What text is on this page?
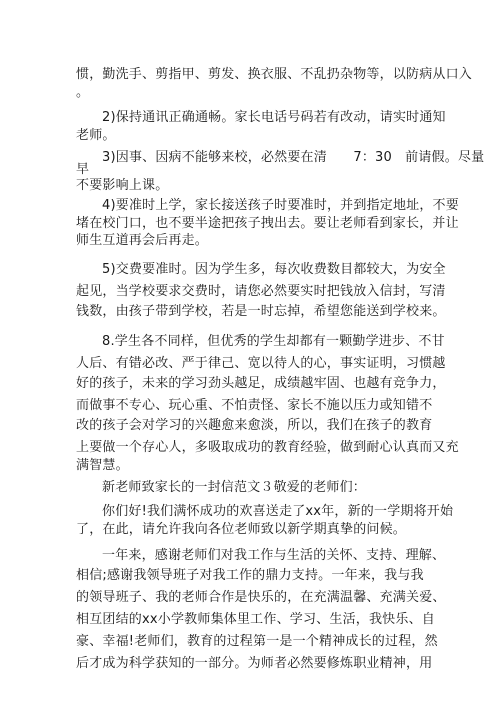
惯，勤洗手、剪指甲、剪发、换衣服、不乱扔杂物等，以防病从口入
。
2)保持通讯正确通畅。家长电话号码若有改动，请实时通知
老师。
3)因事、因病不能够来校，必然要在清　　7：30　前请假。尽量
早
不要影响上课。
4)要准时上学，家长接送孩子时要准时，并到指定地址，不要
堵在校门口，也不要半途把孩子拽出去。要让老师看到家长，并让
师生互道再会后再走。
5)交费要准时。因为学生多，每次收费数目都较大，为安全
起见，当学校要求交费时，请您必然要实时把钱放入信封，写清
钱数，由孩子带到学校，若是一时忘掉，希望您能送到学校来。
8.学生各不同样，但优秀的学生却都有一颗勤学进步、不甘
人后、有错必改、严于律己、宽以待人的心，事实证明，习惯越
好的孩子，未来的学习劲头越足，成绩越牢固、也越有竞争力，
而做事不专心、玩心重、不怕责怪、家长不施以压力或知错不
改的孩子会对学习的兴趣愈来愈淡，所以，我们在孩子的教育
上要做一个存心人，多吸取成功的教育经验，做到耐心认真而又充
满智慧。
新老师致家长的一封信范文３敬爱的老师们：
你们好!我们满怀成功的欢喜送走了xx年，新的一学期将开始
了，在此，请允许我向各位老师致以新学期真挚的问候。
一年来，感谢老师们对我工作与生活的关怀、支持、理解、
相信;感谢我领导班子对我工作的鼎力支持。一年来，我与我
的领导班子、我的老师合作是快乐的，在充满温馨、充满关爱、
相互团结的xx小学教师集体里工作、学习、生活，我快乐、自
豪、幸福!老师们，教育的过程第一是一个精神成长的过程，然
后才成为科学获知的一部分。为师者必然要修炼职业精神，用
